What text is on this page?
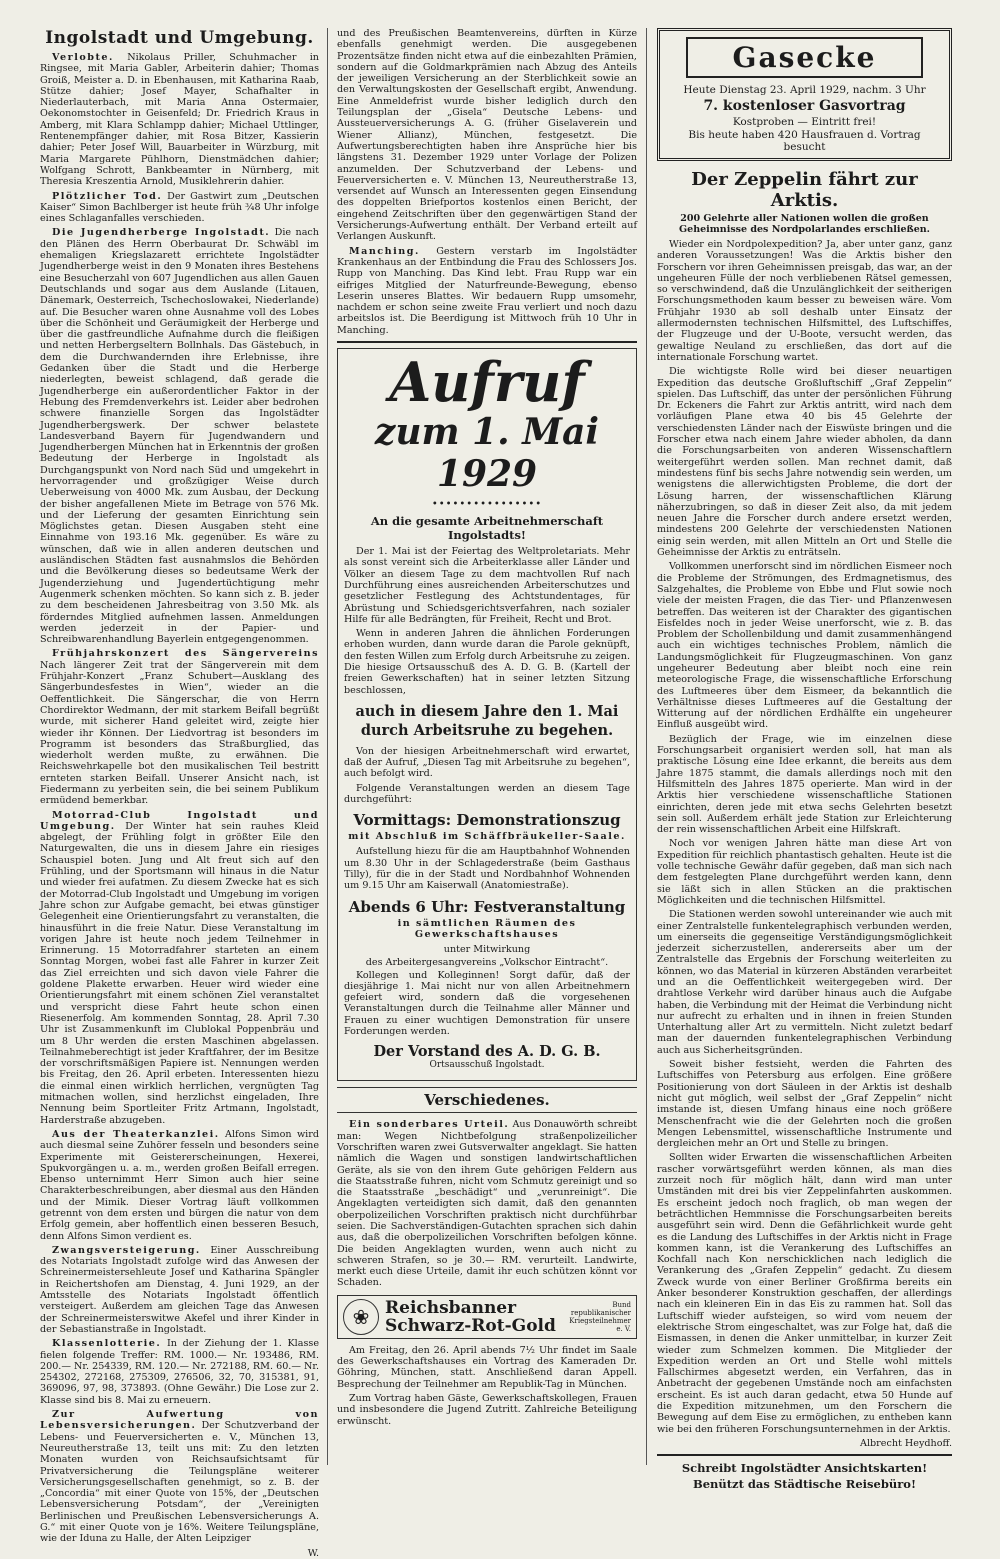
Ingolstadt und Umgebung.

Verlobte. Nikolaus Priller, Schuhmacher in Ringsee, mit Maria Gabler, Arbeiterin dahier; Thomas Groiß, Meister a. D. in Ebenhausen, mit Katharina Raab, Stütze dahier; Josef Mayer, Schafhalter in Niederlauterbach, mit Maria Anna Ostermaier, Oekonomstochter in Geisenfeld; Dr. Friedrich Kraus in Amberg, mit Klara Schlampp dahier; Michael Uttlinger, Rentenempfänger dahier, mit Rosa Bitzer, Kassierin dahier; Peter Josef Will, Bauarbeiter in Würzburg, mit Maria Margarete Pühlhorn, Dienstmädchen dahier; Wolfgang Schrott, Bankbeamter in Nürnberg, mit Theresia Kreszentia Arnold, Musiklehrerin dahier.

Plötzlicher Tod. Der Gastwirt zum „Deutschen Kaiser“ Simon Bachlberger ist heute früh ¾8 Uhr infolge eines Schlaganfalles verschieden.

Die Jugendherberge Ingolstadt. Die nach den Plänen des Herrn Oberbaurat Dr. Schwäbl im ehemaligen Kriegslazarett errichtete Ingolstädter Jugendherberge weist in den 9 Monaten ihres Bestehens eine Besucherzahl von 607 Jugendlichen aus allen Gauen Deutschlands und sogar aus dem Auslande (Litauen, Dänemark, Oesterreich, Tschechoslowakei, Niederlande) auf. Die Besucher waren ohne Ausnahme voll des Lobes über die Schönheit und Geräumigkeit der Herberge und über die gastfreundliche Aufnahme durch die fleißigen und netten Herbergseltern Bollnhals. Das Gästebuch, in dem die Durchwandernden ihre Erlebnisse, ihre Gedanken über die Stadt und die Herberge niederlegten, beweist schlagend, daß gerade die Jugendherberge ein außerordentlicher Faktor in der Hebung des Fremdenverkehrs ist. Leider aber bedrohen schwere finanzielle Sorgen das Ingolstädter Jugendherbergswerk. Der schwer belastete Landesverband Bayern für Jugendwandern und Jugendherbergen München hat in Erkenntnis der großen Bedeutung der Herberge in Ingolstadt als Durchgangspunkt von Nord nach Süd und umgekehrt in hervorragender und großzügiger Weise durch Ueberweisung von 4000 Mk. zum Ausbau, der Deckung der bisher angefallenen Miete im Betrage von 576 Mk. und der Lieferung der gesamten Einrichtung sein Möglichstes getan. Diesen Ausgaben steht eine Einnahme von 193.16 Mk. gegenüber. Es wäre zu wünschen, daß wie in allen anderen deutschen und ausländischen Städten fast ausnahmslos die Behörden und die Bevölkerung dieses so bedeutsame Werk der Jugenderziehung und Jugendertüchtigung mehr Augenmerk schenken möchten. So kann sich z. B. jeder zu dem bescheidenen Jahresbeitrag von 3.50 Mk. als förderndes Mitglied aufnehmen lassen. Anmeldungen werden jederzeit in der Papier- und Schreibwarenhandlung Bayerlein entgegengenommen.

Frühjahrskonzert des Sängervereins Nach längerer Zeit trat der Sängerverein mit dem Frühjahr-Konzert „Franz Schubert—Ausklang des Sängerbundesfestes in Wien“, wieder an die Oeffentlichkeit. Die Sängerschar, die von Herrn Chordirektor Wedmann, der mit starkem Beifall begrüßt wurde, mit sicherer Hand geleitet wird, zeigte hier wieder ihr Können. Der Liedvortrag ist besonders im Programm ist besonders das Straßburglied, das wiederholt werden mußte, zu erwähnen. Die Reichswehrkapelle bot den musikalischen Teil bestritt ernteten starken Beifall. Unserer Ansicht nach, ist Fiedermann zu yerbeiten sein, die bei seinem Publikum ermüdend bemerkbar.

Motorrad-Club Ingolstadt und Umgebung. Der Winter hat sein rauhes Kleid abgelegt, der Frühling folgt in größter Eile den Naturgewalten, die uns in diesem Jahre ein riesiges Schauspiel boten. Jung und Alt freut sich auf den Frühling, und der Sportsmann will hinaus in die Natur und wieder frei aufatmen. Zu diesem Zwecke hat es sich der Motorrad-Club Ingolstadt und Umgebung im vorigen Jahre schon zur Aufgabe gemacht, bei etwas günstiger Gelegenheit eine Orientierungsfahrt zu veranstalten, die hinausführt in die freie Natur. Diese Veranstaltung im vorigen Jahre ist heute noch jedem Teilnehmer in Erinnerung. 15 Motorradfahrer starteten an einem Sonntag Morgen, wobei fast alle Fahrer in kurzer Zeit das Ziel erreichten und sich davon viele Fahrer die goldene Plakette erwarben. Heuer wird wieder eine Orientierungsfahrt mit einem schönen Ziel veranstaltet und verspricht diese Fahrt heute schon einen Riesenerfolg. Am kommenden Sonntag, 28. April 7.30 Uhr ist Zusammenkunft im Clublokal Poppenbräu und um 8 Uhr werden die ersten Maschinen abgelassen. Teilnahmeberechtigt ist jeder Kraftfahrer, der im Besitze der vorschriftsmäßigen Papiere ist. Nennungen werden bis Freitag, den 26. April erbeten. Interessenten hiezu die einmal einen wirklich herrlichen, vergnügten Tag mitmachen wollen, sind herzlichst eingeladen, Ihre Nennung beim Sportleiter Fritz Artmann, Ingolstadt, Harderstraße abzugeben.

Aus der Theaterkanzlei. Alfons Simon wird auch diesmal seine Zuhörer fesseln und besonders seine Experimente mit Geistererscheinungen, Hexerei, Spukvorgängen u. a. m., werden großen Beifall erregen. Ebenso unternimmt Herr Simon auch hier seine Charakterbeschreibungen, aber diesmal aus den Händen und der Mimik. Dieser Vortrag läuft vollkommen getrennt von dem ersten und bürgen die natur von dem Erfolg gemein, aber hoffentlich einen besseren Besuch, denn Alfons Simon verdient es.

Zwangsversteigerung. Einer Ausschreibung des Notariats Ingolstadt zufolge wird das Anwesen der Schreinermeistersehleute Josef und Katharina Spängler in Reichertshofen am Dienstag, 4. Juni 1929, an der Amtsstelle des Notariats Ingolstadt öffentlich versteigert. Außerdem am gleichen Tage das Anwesen der Schreinermeisterswitwe Akefel und ihrer Kinder in der Sebastianstraße in Ingolstadt.

Klassenlotterie. In der Ziehung der 1. Klasse fielen folgende Treffer: RM. 1000.— Nr. 193486, RM. 200.— Nr. 254339, RM. 120.— Nr. 272188, RM. 60.— Nr. 254302, 272168, 275309, 276506, 32, 70, 315381, 91, 369096, 97, 98, 373893. (Ohne Gewähr.) Die Lose zur 2. Klasse sind bis 8. Mai zu erneuern.

Zur Aufwertung von Lebensversicherungen. Der Schutzverband der Lebens- und Feuerversicherten e. V., München 13, Neureutherstraße 13, teilt uns mit: Zu den letzten Monaten wurden von Reichsaufsichtsamt für Privatversicherung die Teilungspläne weiterer Versicherungsgesellschaften genehmigt, so z. B. der „Concordia“ mit einer Quote von 15%, der „Deutschen Lebensversicherung Potsdam“, der „Vereinigten Berlinischen und Preußischen Lebensversicherungs A. G.“ mit einer Quote von je 16%. Weitere Teilungspläne, wie der Iduna zu Halle, der Alten Leipziger

W.

und des Preußischen Beamtenvereins, dürften in Kürze ebenfalls genehmigt werden. Die ausgegebenen Prozentsätze finden nicht etwa auf die einbezahlten Prämien, sondern auf die Goldmarkprämien nach Abzug des Anteils der jeweiligen Versicherung an der Sterblichkeit sowie an den Verwaltungskosten der Gesellschaft ergibt, Anwendung. Eine Anmeldefrist wurde bisher lediglich durch den Teilungsplan der „Gisela“ Deutsche Lebens- und Aussteuerversicherungs A. G. (früher Giselaverein und Wiener Allianz), München, festgesetzt. Die Aufwertungsberechtigten haben ihre Ansprüche hier bis längstens 31. Dezember 1929 unter Vorlage der Polizen anzumelden. Der Schutzverband der Lebens- und Feuerversicherten e. V. München 13, Neureutherstraße 13, versendet auf Wunsch an Interessenten gegen Einsendung des doppelten Briefportos kostenlos einen Bericht, der eingehend Zeitschriften über den gegenwärtigen Stand der Versicherungs-Aufwertung enthält. Der Verband erteilt auf Verlangen Auskunft.

Manching. Gestern verstarb im Ingolstädter Krankenhaus an der Entbindung die Frau des Schlossers Jos. Rupp von Manching. Das Kind lebt. Frau Rupp war ein eifriges Mitglied der Naturfreunde-Bewegung, ebenso Leserin unseres Blattes. Wir bedauern Rupp umsomehr, nachdem er schon seine zweite Frau verliert und noch dazu arbeitslos ist. Die Beerdigung ist Mittwoch früh 10 Uhr in Manching.

Aufruf
zum 1. Mai 1929
••••••••••••••••
An die gesamte Arbeitnehmerschaft Ingolstadts!

Der 1. Mai ist der Feiertag des Weltproletariats. Mehr als sonst vereint sich die Arbeiterklasse aller Länder und Völker an diesem Tage zu dem machtvollen Ruf nach Durchführung eines ausreichenden Arbeiterschutzes und gesetzlicher Festlegung des Achtstundentages, für Abrüstung und Schiedsgerichtsverfahren, nach sozialer Hilfe für alle Bedrängten, für Freiheit, Recht und Brot.

Wenn in anderen Jahren die ähnlichen Forderungen erhoben wurden, dann wurde daran die Parole geknüpft, den festen Willen zum Erfolg durch Arbeitsruhe zu zeigen. Die hiesige Ortsausschuß des A. D. G. B. (Kartell der freien Gewerkschaften) hat in seiner letzten Sitzung beschlossen,

auch in diesem Jahre den 1. Mai durch Arbeitsruhe zu begehen.

Von der hiesigen Arbeitnehmerschaft wird erwartet, daß der Aufruf, „Diesen Tag mit Arbeitsruhe zu begehen“, auch befolgt wird.

Folgende Veranstaltungen werden an diesem Tage durchgeführt:

Vormittags: Demonstrationszug
mit Abschluß im Schäffbräukeller-Saale.

Aufstellung hiezu für die am Hauptbahnhof Wohnenden um 8.30 Uhr in der Schlagederstraße (beim Gasthaus Tilly), für die in der Stadt und Nordbahnhof Wohnenden um 9.15 Uhr am Kaiserwall (Anatomiestraße).

Abends 6 Uhr: Festveranstaltung
in sämtlichen Räumen des Gewerkschaftshauses
unter Mitwirkung
des Arbeitergesangvereins „Volkschor Eintracht“.

Kollegen und Kolleginnen! Sorgt dafür, daß der diesjährige 1. Mai nicht nur von allen Arbeitnehmern gefeiert wird, sondern daß die vorgesehenen Veranstaltungen durch die Teilnahme aller Männer und Frauen zu einer wuchtigen Demonstration für unsere Forderungen werden.

Der Vorstand des A. D. G. B.
Ortsausschuß Ingolstadt.
Verschiedenes.

Ein sonderbares Urteil. Aus Donauwörth schreibt man: Wegen Nichtbefolgung straßenpolizeilicher Vorschriften waren zwei Gutsverwalter angeklagt. Sie hatten nämlich die Wagen und sonstigen landwirtschaftlichen Geräte, als sie von den ihrem Gute gehörigen Feldern aus die Staatsstraße fuhren, nicht vom Schmutz gereinigt und so die Staatsstraße „beschädigt“ und „verunreinigt“. Die Angeklagten verteidigten sich damit, daß den genannten oberpolizeilichen Vorschriften praktisch nicht durchführbar seien. Die Sachverständigen-Gutachten sprachen sich dahin aus, daß die oberpolizeilichen Vorschriften befolgen könne. Die beiden Angeklagten wurden, wenn auch nicht zu schweren Strafen, so je 30.— RM. verurteilt. Landwirte, merkt euch diese Urteile, damit ihr euch schützen könnt vor Schaden.

❀ Reichsbanner Schwarz-Rot-Gold
Bund republikanischer Kriegsteilnehmer e. V.

Am Freitag, den 26. April abends 7½ Uhr findet im Saale des Gewerkschaftshauses ein Vortrag des Kameraden Dr. Göhring, München, statt. Anschließend daran Appell. Besprechung der Teilnehmer am Republik-Tag in München.

Zum Vortrag haben Gäste, Gewerkschaftskollegen, Frauen und insbesondere die Jugend Zutritt. Zahlreiche Beteiligung erwünscht.

Gasecke
Heute Dienstag 23. April 1929, nachm. 3 Uhr
7. kostenloser Gasvortrag
Kostproben — Eintritt frei!
Bis heute haben 420 Hausfrauen d. Vortrag besucht
Der Zeppelin fährt zur Arktis.
200 Gelehrte aller Nationen wollen die großen Geheimnisse des Nordpolarlandes erschließen.

Wieder ein Nordpolexpedition? Ja, aber unter ganz, ganz anderen Voraussetzungen! Was die Arktis bisher den Forschern vor ihren Geheimnissen preisgab, das war, an der ungeheuren Fülle der noch verbliebenen Rätsel gemessen, so verschwindend, daß die Unzulänglichkeit der seitherigen Forschungsmethoden kaum besser zu beweisen wäre. Vom Frühjahr 1930 ab soll deshalb unter Einsatz der allermodernsten technischen Hilfsmittel, des Luftschiffes, der Flugzeuge und der U-Boote, versucht werden, das gewaltige Neuland zu erschließen, das dort auf die internationale Forschung wartet.

Die wichtigste Rolle wird bei dieser neuartigen Expedition das deutsche Großluftschiff „Graf Zeppelin“ spielen. Das Luftschiff, das unter der persönlichen Führung Dr. Eckeners die Fahrt zur Arktis antritt, wird nach dem vorläufigen Plane etwa 40 bis 45 Gelehrte der verschiedensten Länder nach der Eiswüste bringen und die Forscher etwa nach einem Jahre wieder abholen, da dann die Forschungsarbeiten von anderen Wissenschaftlern weitergeführt werden sollen. Man rechnet damit, daß mindestens fünf bis sechs Jahre notwendig sein werden, um wenigstens die allerwichtigsten Probleme, die dort der Lösung harren, der wissenschaftlichen Klärung näherzubringen, so daß in dieser Zeit also, da mit jedem neuen Jahre die Forscher durch andere ersetzt werden, mindestens 200 Gelehrte der verschiedensten Nationen einig sein werden, mit allen Mitteln an Ort und Stelle die Geheimnisse der Arktis zu enträtseln.

Vollkommen unerforscht sind im nördlichen Eismeer noch die Probleme der Strömungen, des Erdmagnetismus, des Salzgehaltes, die Probleme von Ebbe und Flut sowie noch viele der meisten Fragen, die das Tier- und Pflanzenwesen betreffen. Das weiteren ist der Charakter des gigantischen Eisfeldes noch in jeder Weise unerforscht, wie z. B. das Problem der Schollenbildung und damit zusammenhängend auch ein wichtiges technisches Problem, nämlich die Landungsmöglichkeit für Flugzeugmaschinen. Von ganz ungeheurer Bedeutung aber bleibt noch eine rein meteorologische Frage, die wissenschaftliche Erforschung des Luftmeeres über dem Eismeer, da bekanntlich die Verhältnisse dieses Luftmeeres auf die Gestaltung der Witterung auf der nördlichen Erdhälfte ein ungeheurer Einfluß ausgeübt wird.

Bezüglich der Frage, wie im einzelnen diese Forschungsarbeit organisiert werden soll, hat man als praktische Lösung eine Idee erkannt, die bereits aus dem Jahre 1875 stammt, die damals allerdings noch mit den Hilfsmitteln des Jahres 1875 operierte. Man wird in der Arktis hier verschiedene wissenschaftliche Stationen einrichten, deren jede mit etwa sechs Gelehrten besetzt sein soll. Außerdem erhält jede Station zur Erleichterung der rein wissenschaftlichen Arbeit eine Hilfskraft.

Noch vor wenigen Jahren hätte man diese Art von Expedition für reichlich phantastisch gehalten. Heute ist die volle technische Gewähr dafür gegeben, daß man sich nach dem festgelegten Plane durchgeführt werden kann, denn sie läßt sich in allen Stücken an die praktischen Möglichkeiten und die technischen Hilfsmittel.

Die Stationen werden sowohl untereinander wie auch mit einer Zentralstelle funkentelegraphisch verbunden werden, um einerseits die gegenseitige Verständigungsmöglichkeit jederzeit sicherzustellen, andererseits aber um der Zentralstelle das Ergebnis der Forschung weiterleiten zu können, wo das Material in kürzeren Abständen verarbeitet und an die Oeffentlichkeit weitergegeben wird. Der drahtlose Verkehr wird darüber hinaus auch die Aufgabe haben, die Verbindung mit der Heimat die Verbindung nicht nur aufrecht zu erhalten und in ihnen in freien Stunden Unterhaltung aller Art zu vermitteln. Nicht zuletzt bedarf man der dauernden funkentelegraphischen Verbindung auch aus Sicherheitsgründen.

Soweit bisher festsieht, werden die Fahrten des Luftschiffes von Petersburg aus erfolgen. Eine größere Positionierung von dort Säuleen in der Arktis ist deshalb nicht gut möglich, weil selbst der „Graf Zeppelin“ nicht imstande ist, diesen Umfang hinaus eine noch größere Menschenfracht wie die der Gelehrten noch die großen Mengen Lebensmittel, wissenschaftliche Instrumente und dergleichen mehr an Ort und Stelle zu bringen.

Sollten wider Erwarten die wissenschaftlichen Arbeiten rascher vorwärtsgeführt werden können, als man dies zurzeit noch für möglich hält, dann wird man unter Umständen mit drei bis vier Zeppelinfahrten auskommen. Es erscheint jedoch noch fraglich, ob man wegen der beträchtlichen Hemmnisse die Forschungsarbeiten bereits ausgeführt sein wird. Denn die Gefährlichkeit wurde geht es die Landung des Luftschiffes in der Arktis nicht in Frage kommen kann, ist die Verankerung des Luftschiffes an Kochfall nach Kon nerschicklichen nach lediglich die Verankerung des „Grafen Zeppelin“ gedacht. Zu diesem Zweck wurde von einer Berliner Großfirma bereits ein Anker besonderer Konstruktion geschaffen, der allerdings nach ein kleineren Ein in das Eis zu rammen hat. Soll das Luftschiff wieder aufsteigen, so wird vom neuem der elektrische Strom eingeschaltet, was zur Folge hat, daß die Eismassen, in denen die Anker unmittelbar, in kurzer Zeit wieder zum Schmelzen kommen. Die Mitglieder der Expedition werden an Ort und Stelle wohl mittels Fallschirmes abgesetzt werden, ein Verfahren, das in Anbetracht der gegebenen Umstände noch am einfachsten erscheint. Es ist auch daran gedacht, etwa 50 Hunde auf die Expedition mitzunehmen, um den Forschern die Bewegung auf dem Eise zu ermöglichen, zu entheben kann wie bei den früheren Forschungsunternehmen in der Arktis.

Albrecht Heydhoff.
Schreibt Ingolstädter Ansichtskarten!
Benützt das Städtische Reisebüro!
